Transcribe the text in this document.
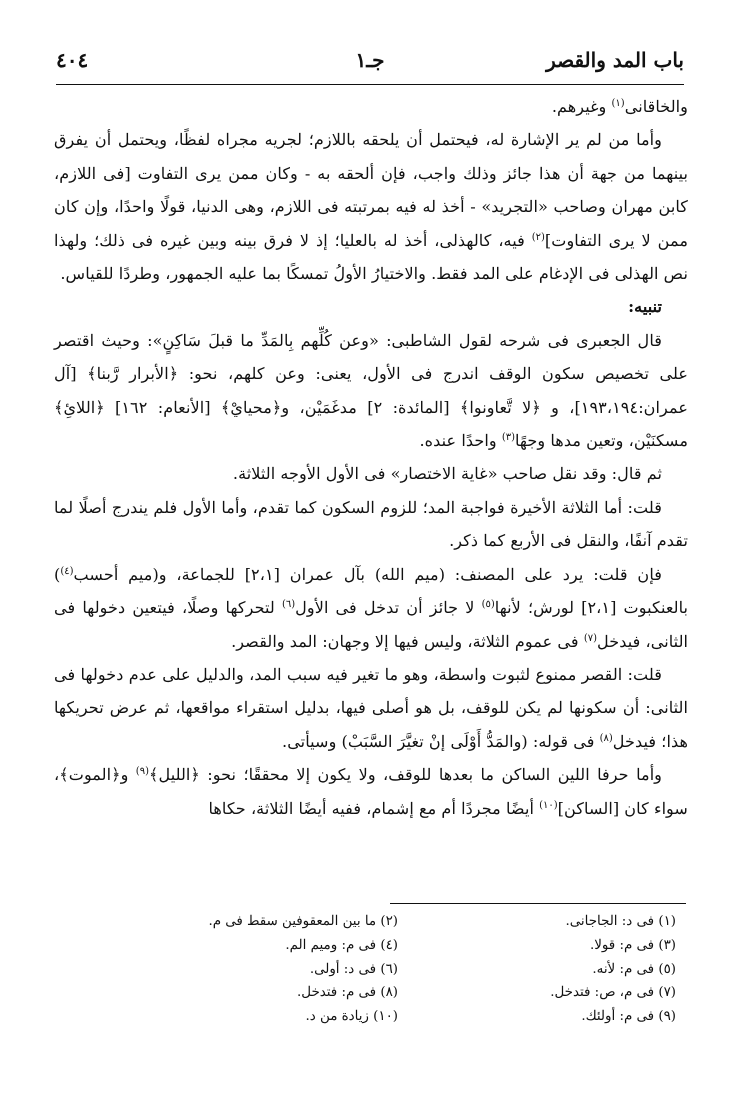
٤٠٤	جـ١	باب المد والقصر

والخاقانى$^{(١)}$ وغيرهم.

وأما من لم ير الإشارة له، فيحتمل أن يلحقه باللازم؛ لجريه مجراه لفظًا، ويحتمل أن يفرق بينهما من جهة أن هذا جائز وذلك واجب، فإن ألحقه به - وكان ممن يرى التفاوت [فى اللازم، كابن مهران وصاحب «التجريد» - أخذ له فيه بمرتبته فى اللازم، وهى الدنيا، قولًا واحدًا، وإن كان ممن لا يرى التفاوت]$^{(٢)}$ فيه، كالهذلى، أخذ له بالعليا؛ إذ لا فرق بينه وبين غيره فى ذلك؛ ولهذا نص الهذلى فى الإدغام على المد فقط. والاختيارُ الأولُ تمسكًا بما عليه الجمهور، وطردًا للقياس.

تنبيه:

قال الجعبرى فى شرحه لقول الشاطبى: «وعن كُلِّهم بِالمَدِّ ما قبلَ سَاكِنٍ»: وحيث اقتصر على تخصيص سكون الوقف اندرج فى الأول، يعنى: وعن كلهم، نحو: ﴿الأبرار رَّبنا﴾ [آل عمران:١٩٣،١٩٤]، و ﴿لا تَّعاونوا﴾ [المائدة: ٢] مدغَمَيْن، و﴿محيايْ﴾ [الأنعام: ١٦٢] ﴿اللائِ﴾ مسكنَيْن، وتعين مدها وجهًا$^{(٣)}$ واحدًا عنده.

ثم قال: وقد نقل صاحب «غاية الاختصار» فى الأول الأوجه الثلاثة.

قلت: أما الثلاثة الأخيرة فواجبة المد؛ للزوم السكون كما تقدم، وأما الأول فلم يندرج أصلًا لما تقدم آنفًا، والنقل فى الأربع كما ذكر.

فإن قلت: يرد على المصنف: (ميم الله) بآل عمران [٢،١] للجماعة، و(ميم أحسب$^{(٤)}$) بالعنكبوت [٢،١] لورش؛ لأنها$^{(٥)}$ لا جائز أن تدخل فى الأول$^{(٦)}$ لتحركها وصلًا، فيتعين دخولها فى الثانى، فيدخل$^{(٧)}$ فى عموم الثلاثة، وليس فيها إلا وجهان: المد والقصر.

قلت: القصر ممنوع لثبوت واسطة، وهو ما تغير فيه سبب المد، والدليل على عدم دخولها فى الثانى: أن سكونها لم يكن للوقف، بل هو أصلى فيها، بدليل استقراء مواقعها، ثم عرض تحريكها هذا؛ فيدخل$^{(٨)}$ فى قوله: (والمَدُّ أَوْلَى إنْ تغيَّرَ السَّبَبْ) وسيأتى.

وأما حرفا اللين الساكن ما بعدها للوقف، ولا يكون إلا محققًا؛ نحو: ﴿الليل﴾$^{(٩)}$ و﴿الموت﴾، سواء كان [الساكن]$^{(١٠)}$ أيضًا مجردًا أم مع إشمام، ففيه أيضًا الثلاثة، حكاها

(١) فى د: الجاجانى.
(٢) ما بين المعقوفين سقط فى م.
(٣) فى م: قولا.
(٤) فى م: وميم الم.
(٥) فى م: لأنه.
(٦) فى د: أولى.
(٧) فى م، ص: فتدخل.
(٨) فى م: فتدخل.
(٩) فى م: أولئك.
(١٠) زيادة من د.
